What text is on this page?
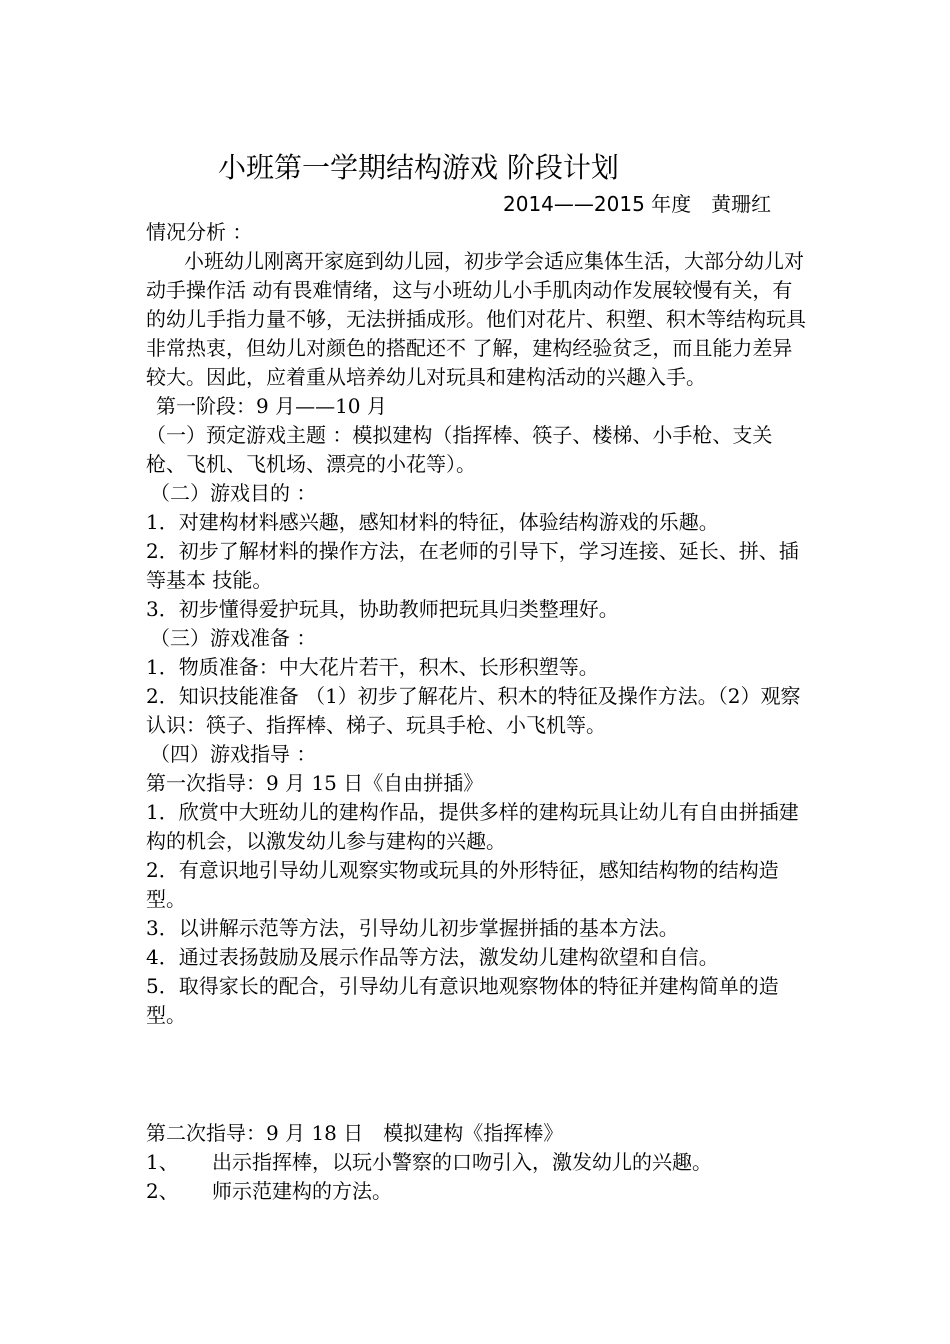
小班第一学期结构游戏 阶段计划
2014——2015 年度　黄珊红

情况分析 ：

小班幼儿刚离开家庭到幼儿园，初步学会适应集体生活，大部分幼儿对动手操作活 动有畏难情绪，这与小班幼儿小手肌肉动作发展较慢有关，有的幼儿手指力量不够，无法拼插成形。他们对花片、积塑、积木等结构玩具非常热衷，但幼儿对颜色的搭配还不 了解，建构经验贫乏，而且能力差异较大。因此，应着重从培养幼儿对玩具和建构活动的兴趣入手。

第一阶段：9 月——10 月

（一）预定游戏主题 ：模拟建构（指挥棒、筷子、楼梯、小手枪、支关枪、飞机、飞机场、漂亮的小花等）。

（二）游戏目的 ：

1．对建构材料感兴趣，感知材料的特征，体验结构游戏的乐趣。

2．初步了解材料的操作方法，在老师的引导下，学习连接、延长、拼、插等基本 技能。

3．初步懂得爱护玩具，协助教师把玩具归类整理好。

（三）游戏准备 ：

1．物质准备：中大花片若干，积木、长形积塑等。

2．知识技能准备 （1）初步了解花片、积木的特征及操作方法。（2）观察认识：筷子、指挥棒、梯子、玩具手枪、小飞机等。

（四）游戏指导 ：

第一次指导：9 月 15 日《自由拼插》

1．欣赏中大班幼儿的建构作品，提供多样的建构玩具让幼儿有自由拼插建构的机会，以激发幼儿参与建构的兴趣。

2．有意识地引导幼儿观察实物或玩具的外形特征，感知结构物的结构造型。

3．以讲解示范等方法，引导幼儿初步掌握拼插的基本方法。

4．通过表扬鼓励及展示作品等方法，激发幼儿建构欲望和自信。

5．取得家长的配合，引导幼儿有意识地观察物体的特征并建构简单的造型。

第二次指导：9 月 18 日　模拟建构《指挥棒》

1、 出示指挥棒，以玩小警察的口吻引入，激发幼儿的兴趣。

2、 师示范建构的方法。
